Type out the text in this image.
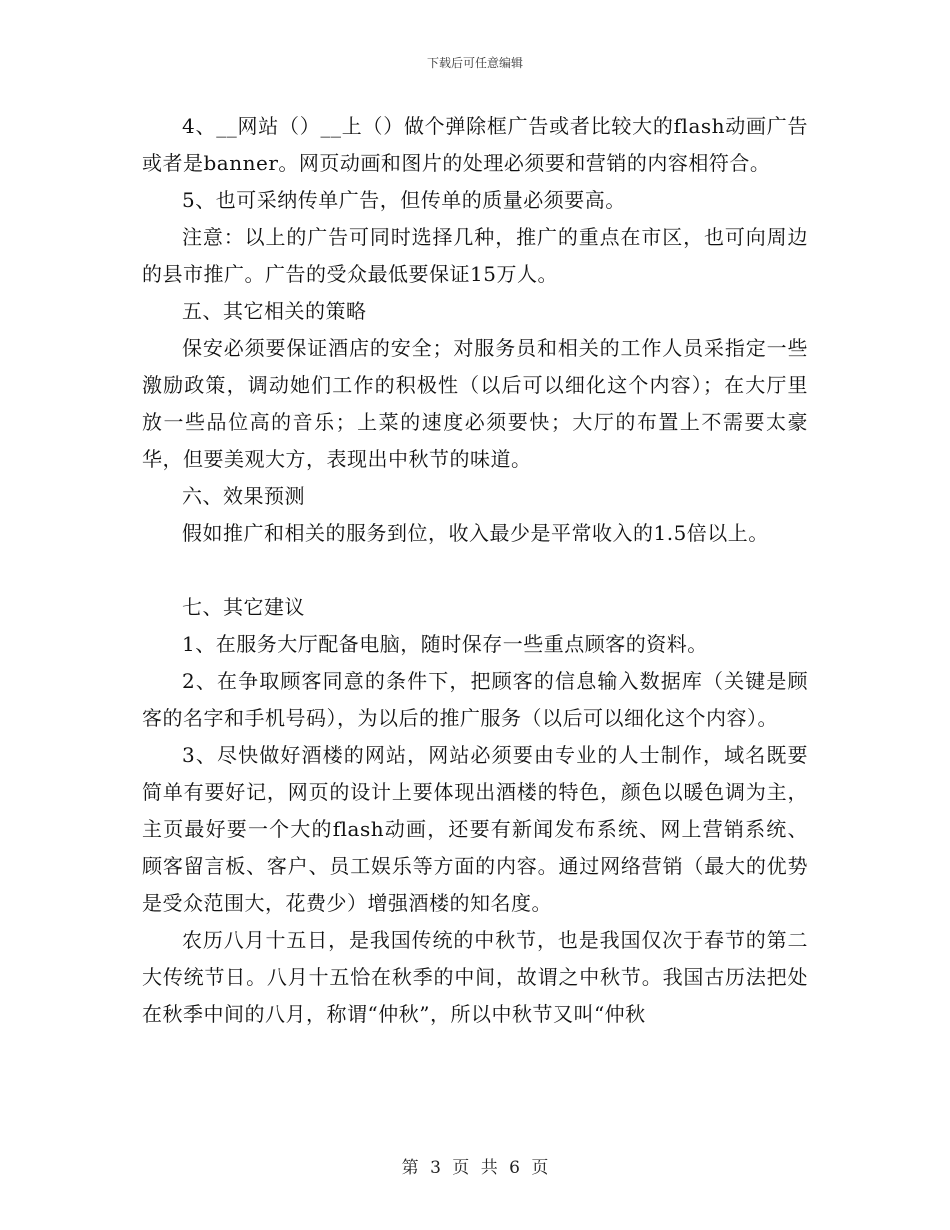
下载后可任意编辑

4、__网站（）__上（）做个弹除框广告或者比较大的flash动画广告或者是banner。网页动画和图片的处理必须要和营销的内容相符合。

5、也可采纳传单广告，但传单的质量必须要高。

注意：以上的广告可同时选择几种，推广的重点在市区，也可向周边的县市推广。广告的受众最低要保证15万人。

五、其它相关的策略

保安必须要保证酒店的安全；对服务员和相关的工作人员采指定一些激励政策，调动她们工作的积极性（以后可以细化这个内容）；在大厅里放一些品位高的音乐；上菜的速度必须要快；大厅的布置上不需要太豪华，但要美观大方，表现出中秋节的味道。

六、效果预测

假如推广和相关的服务到位，收入最少是平常收入的1.5倍以上。

七、其它建议

1、在服务大厅配备电脑，随时保存一些重点顾客的资料。

2、在争取顾客同意的条件下，把顾客的信息输入数据库（关键是顾客的名字和手机号码），为以后的推广服务（以后可以细化这个内容）。

3、尽快做好酒楼的网站，网站必须要由专业的人士制作，域名既要简单有要好记，网页的设计上要体现出酒楼的特色，颜色以暖色调为主，主页最好要一个大的flash动画，还要有新闻发布系统、网上营销系统、顾客留言板、客户、员工娱乐等方面的内容。通过网络营销（最大的优势是受众范围大，花费少）增强酒楼的知名度。

农历八月十五日，是我国传统的中秋节，也是我国仅次于春节的第二大传统节日。八月十五恰在秋季的中间，故谓之中秋节。我国古历法把处在秋季中间的八月，称谓“仲秋”，所以中秋节又叫“仲秋

第 3 页 共 6 页
